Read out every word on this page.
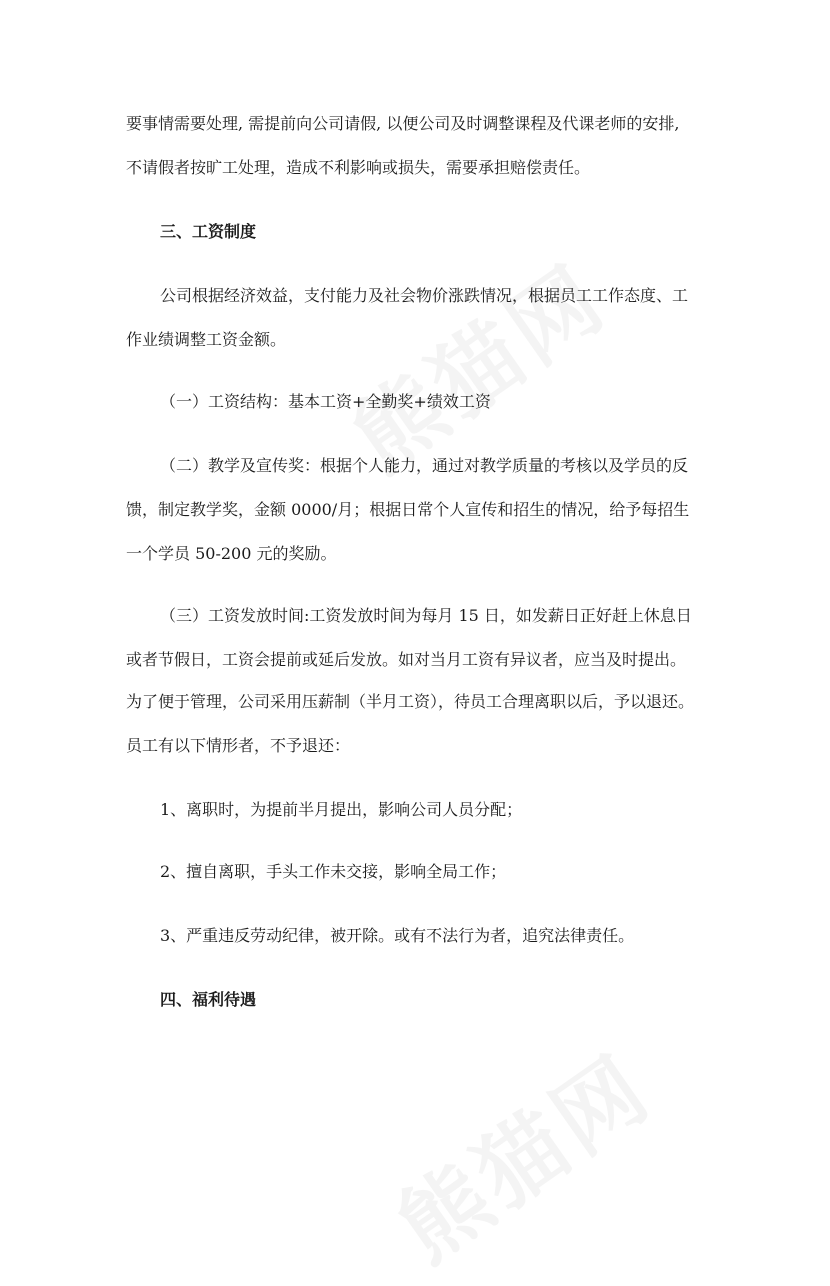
要事情需要处理, 需提前向公司请假, 以便公司及时调整课程及代课老师的安排,
不请假者按旷工处理，造成不利影响或损失，需要承担赔偿责任。
三、工资制度
公司根据经济效益，支付能力及社会物价涨跌情况，根据员工工作态度、工
作业绩调整工资金额。
（一）工资结构：基本工资+全勤奖+绩效工资
（二）教学及宣传奖：根据个人能力，通过对教学质量的考核以及学员的反
馈，制定教学奖，金额 0000/月；根据日常个人宣传和招生的情况，给予每招生
一个学员 50-200 元的奖励。
（三）工资发放时间:工资发放时间为每月 15 日，如发薪日正好赶上休息日
或者节假日，工资会提前或延后发放。如对当月工资有异议者，应当及时提出。
为了便于管理，公司采用压薪制（半月工资），待员工合理离职以后，予以退还。
员工有以下情形者，不予退还：
1、离职时，为提前半月提出，影响公司人员分配；
2、擅自离职，手头工作未交接，影响全局工作；
3、严重违反劳动纪律，被开除。或有不法行为者，追究法律责任。
四、福利待遇
